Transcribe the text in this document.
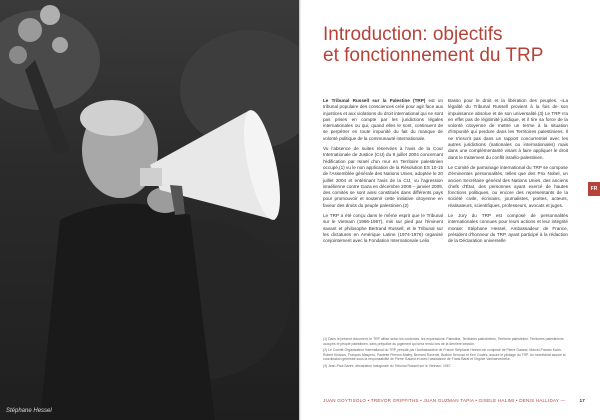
Stéphane Hessel
Introduction: objectifs
et fonctionnement du TRP

Le Tribunal Russell sur la Palestine (TRP) est un tribunal populaire des consciences créé pour agir face aux injustices et aux violations du droit international qui ne sont pas prises en compte par les juridictions légales internationales ou qui, quand elles le sont, continuent de se perpétrer en toute impunité du fait du manque de volonté politique de la communauté internationale.

Vu l'absence de suites réservées à l'avis de la Cour Internationale de Justice (CIJ) du 9 juillet 2004 concernant l'édification par Israël d'un mur en Territoire palestinien occupé,(1) vu le non application de la Résolution ES 10-15 de l'Assemblée générale des Nations Unies, adoptée le 20 juillet 2004 et entérinant l'avis de la CIJ, vu l'agression israélienne contre Gaza en décembre 2008 – janvier 2009, des comités se sont ainsi constitués dans différents pays pour promouvoir et soutenir cette initiative citoyenne en faveur des droits du peuple palestinien.(2)

Le TRP a été conçu dans le même esprit que le Tribunal sur le Vietnam (1966-1967), mis sur pied par l'éminent savant et philosophe Bertrand Russell, et le Tribunal sur les dictatures en Amérique Latine (1974-1976) organisé conjointement avec la Fondation Internationale Lelio

Basso pour le droit et la libération des peuples. «La légalité du Tribunal Russell provient à la fois de son impuissance absolue et de son universalité.(3) Le TRP n'a en effet pas de légitimité juridique, et il tire sa force de la volonté citoyenne de mettre un terme à la situation d'impunité qui perdure dans les Territoires palestiniens. Il ne s'inscrit pas dans un rapport concurrentiel avec les autres juridictions (nationales ou internationales) mais dans une complémentarité visant à faire appliquer le droit dans le traitement du conflit israélo-palestinien.

Le Comité de parrainage international du TRP se compose d'éminentes personnalités, telles que des Prix Nobel, un ancien Secrétaire général des Nations Unies, des anciens chefs d'État, des personnes ayant exercé de hautes fonctions politiques, ou encore des représentants de la société civile, écrivains, journalistes, poètes, acteurs, réalisateurs, scientifiques, professeurs, avocats et juges.

Le Jury du TRP est composé de personnalités internationales connues pour leurs actions et leur intégrité morale: Stéphane Hessel, Ambassadeur de France, président d'honneur du TRP, ayant participé à la rédaction de la Déclaration universelle

FR

(1) Dans le présent document, le TRP utilise selon les contextes, les expressions: Palestine, Territoires palestiniens, Territoire palestinien, Territoires palestiniens occupés et peuple palestinien, sans préjudice du jugement qui sera rendu lors de la dernière session.

(2) Le Comité Organisateur International du TRP, présidé par l'Ambassadeur de France Stéphane Hessel est composé de Pierre Galand, Marcel-Francis Kahn, Robert Kissous, François Maspero, Paulette Pierson-Mathy, Bernard Ravenel, Brahim Senouci et Ken Coates, assure le pilotage du TRP. Un secrétariat assure la coordination générale sous la responsabilité de Pierre Galand et avec l'assistance de Frank Barat et Virginie Vanhaeverbeke.

(3) Jean-Paul Sartre, déclaration inaugurale du Tribunal Russell sur le Vietnam, 1967.

JUAN GOYTISOLO • TREVOR GRIFFITHS • JUAN GUZMAN TAPIA • GISELE HALIMI • DENIS HALLIDAY —	17
